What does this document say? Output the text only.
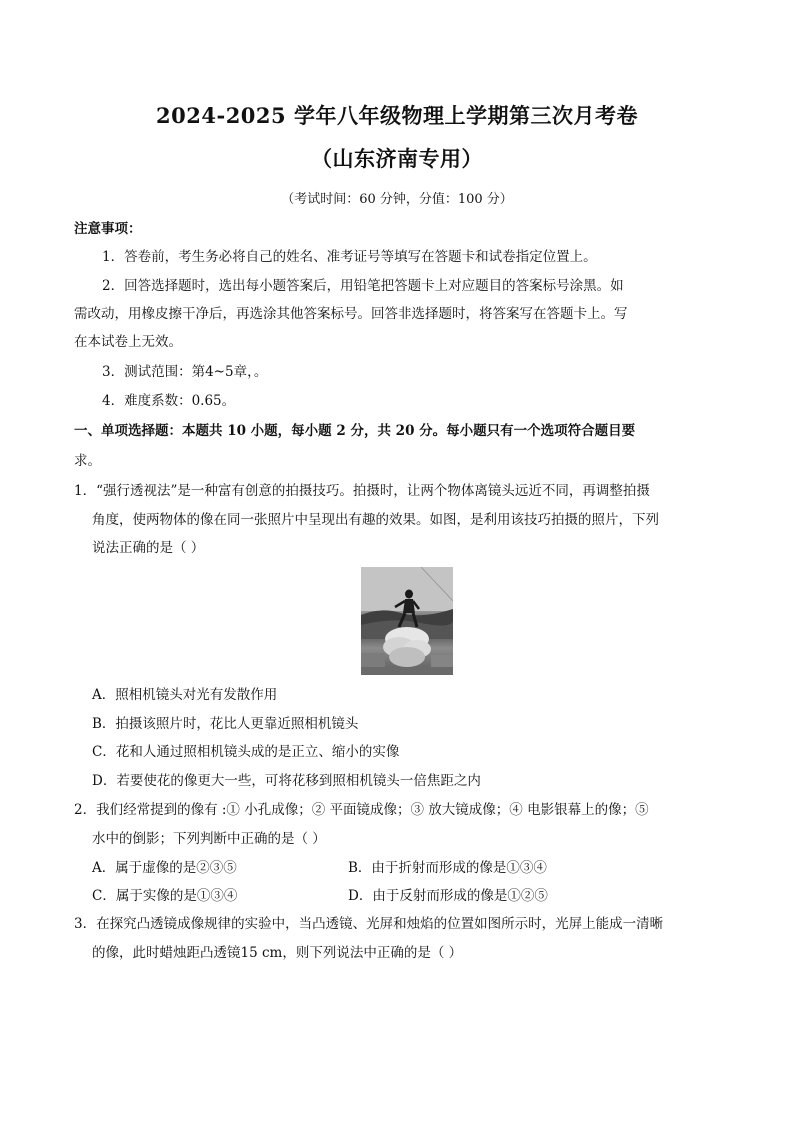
2024-2025 学年八年级物理上学期第三次月考卷
（山东济南专用）
（考试时间：60 分钟，分值：100 分）
注意事项：
1．答卷前，考生务必将自己的姓名、准考证号等填写在答题卡和试卷指定位置上。
2．回答选择题时，选出每小题答案后，用铅笔把答题卡上对应题目的答案标号涂黑。如
需改动，用橡皮擦干净后，再选涂其他答案标号。回答非选择题时，将答案写在答题卡上。写
在本试卷上无效。
3．测试范围：第4~5章，。
4．难度系数：0.65。
一、单项选择题：本题共 10 小题，每小题 2 分，共 20 分。每小题只有一个选项符合题目要
求。
1．“强行透视法”是一种富有创意的拍摄技巧。拍摄时，让两个物体离镜头远近不同，再调整拍摄
角度，使两物体的像在同一张照片中呈现出有趣的效果。如图，是利用该技巧拍摄的照片，下列
说法正确的是（ ）
A．照相机镜头对光有发散作用
B．拍摄该照片时，花比人更靠近照相机镜头
C．花和人通过照相机镜头成的是正立、缩小的实像
D．若要使花的像更大一些，可将花移到照相机镜头一倍焦距之内
2．我们经常提到的像有 :① 小孔成像；② 平面镜成像；③ 放大镜成像；④ 电影银幕上的像；⑤
水中的倒影；下列判断中正确的是（ ）
A．属于虚像的是②③⑤	B．由于折射而形成的像是①③④
C．属于实像的是①③④	D．由于反射而形成的像是①②⑤
3．在探究凸透镜成像规律的实验中，当凸透镜、光屏和烛焰的位置如图所示时，光屏上能成一清晰
的像，此时蜡烛距凸透镜15 cm，则下列说法中正确的是（ ）
